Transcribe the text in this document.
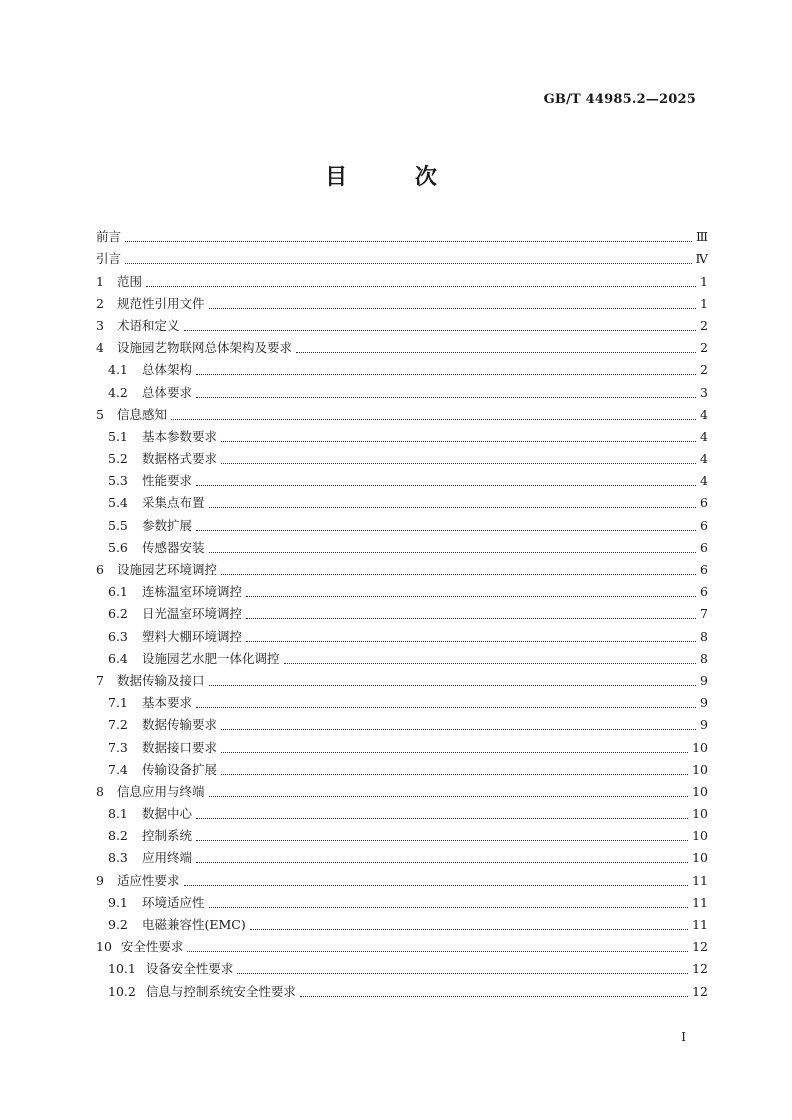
GB/T 44985.2—2025
目 次
前言	Ⅲ
引言	Ⅳ
1	范围	1
2	规范性引用文件	1
3	术语和定义	2
4	设施园艺物联网总体架构及要求	2
4.1	总体架构	2
4.2	总体要求	3
5	信息感知	4
5.1	基本参数要求	4
5.2	数据格式要求	4
5.3	性能要求	4
5.4	采集点布置	6
5.5	参数扩展	6
5.6	传感器安装	6
6	设施园艺环境调控	6
6.1	连栋温室环境调控	6
6.2	日光温室环境调控	7
6.3	塑料大棚环境调控	8
6.4	设施园艺水肥一体化调控	8
7	数据传输及接口	9
7.1	基本要求	9
7.2	数据传输要求	9
7.3	数据接口要求	10
7.4	传输设备扩展	10
8	信息应用与终端	10
8.1	数据中心	10
8.2	控制系统	10
8.3	应用终端	10
9	适应性要求	11
9.1	环境适应性	11
9.2	电磁兼容性(EMC)	11
10 安全性要求	12
10.1 设备安全性要求	12
10.2 信息与控制系统安全性要求	12
I
